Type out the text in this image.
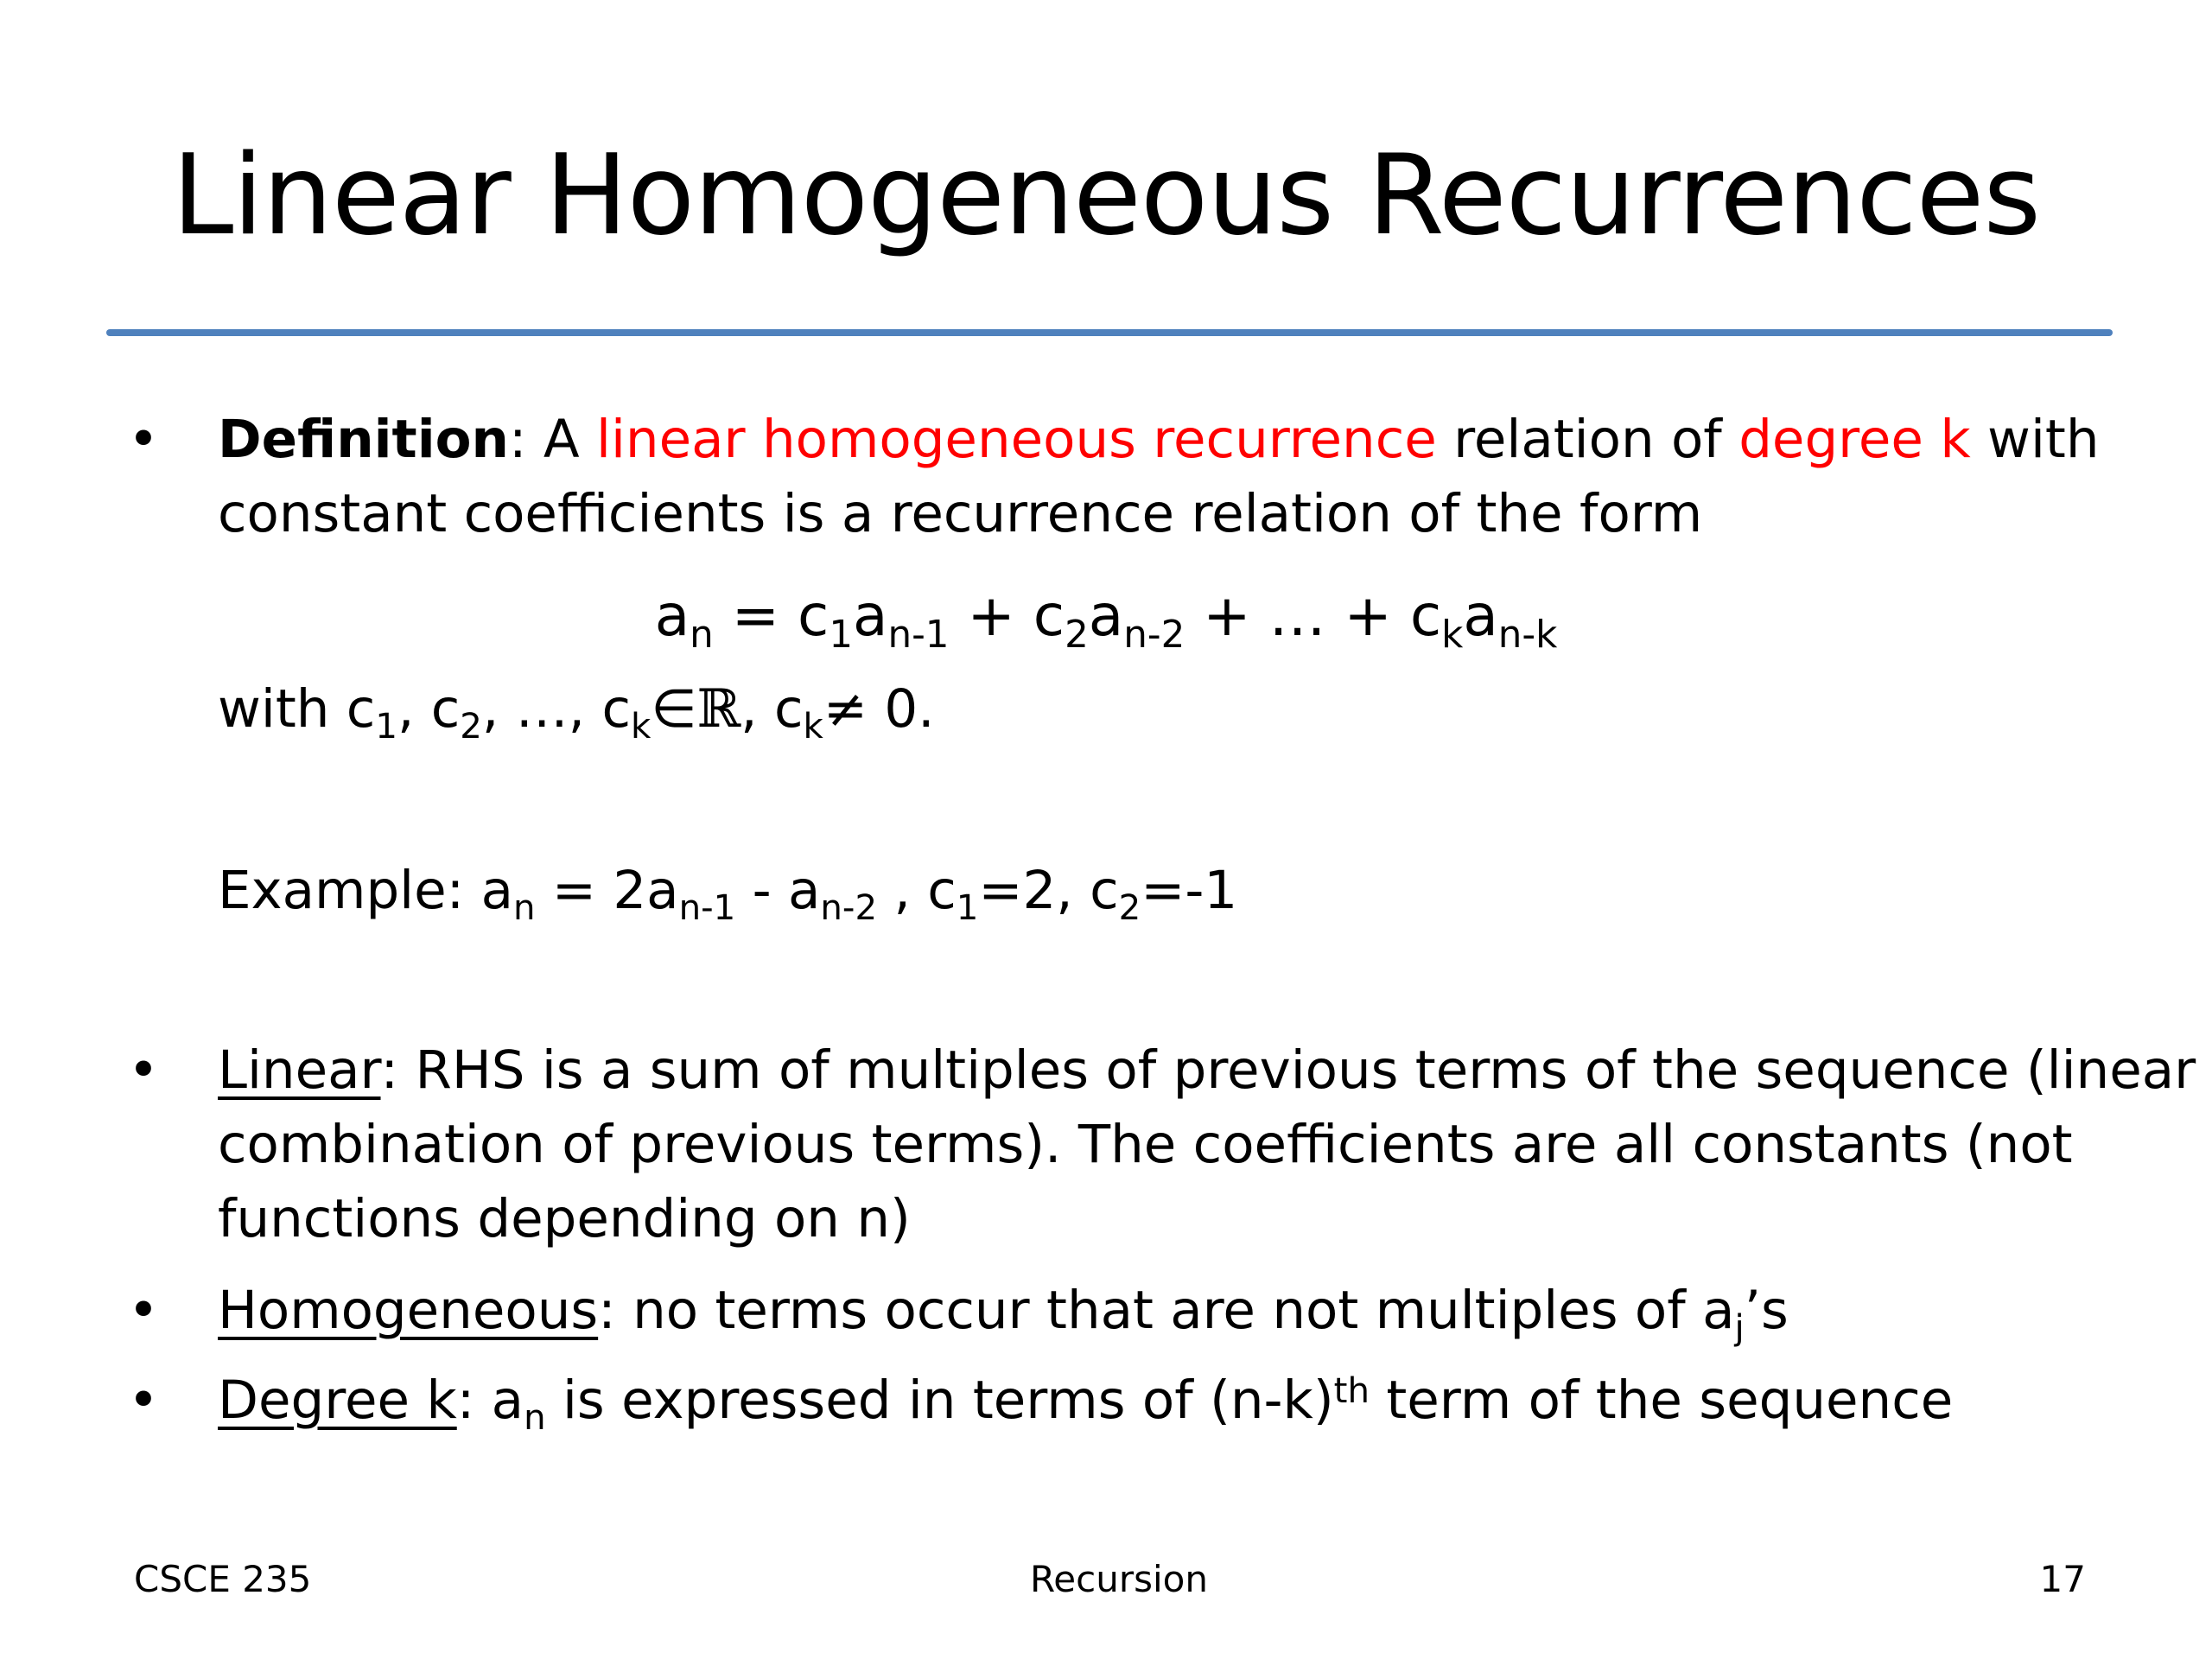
Linear Homogeneous Recurrences
• Definition: A linear homogeneous recurrence relation of degree k with
constant coefficients is a recurrence relation of the form
$a_n = c_1a_{n-1} + c_2a_{n-2}$ + … + $c_ka_{n-k}$
with $c_1$, $c_2$, …, $c_k\in ℝ$, $c_k\ne 0$.
Example: $a_n = 2a_{n-1} - a_{n-2}$ , $c_1=2$, $c_2=-1$
• Linear: RHS is a sum of multiples of previous terms of the sequence (linear
combination of previous terms). The coefficients are all constants (not
functions depending on n)
• Homogeneous: no terms occur that are not multiples of $a_j’s$
• Degree k: $a_n$ is expressed in terms of $(n-k)^{th}$ term of the sequence
CSCE 235	Recursion	17
